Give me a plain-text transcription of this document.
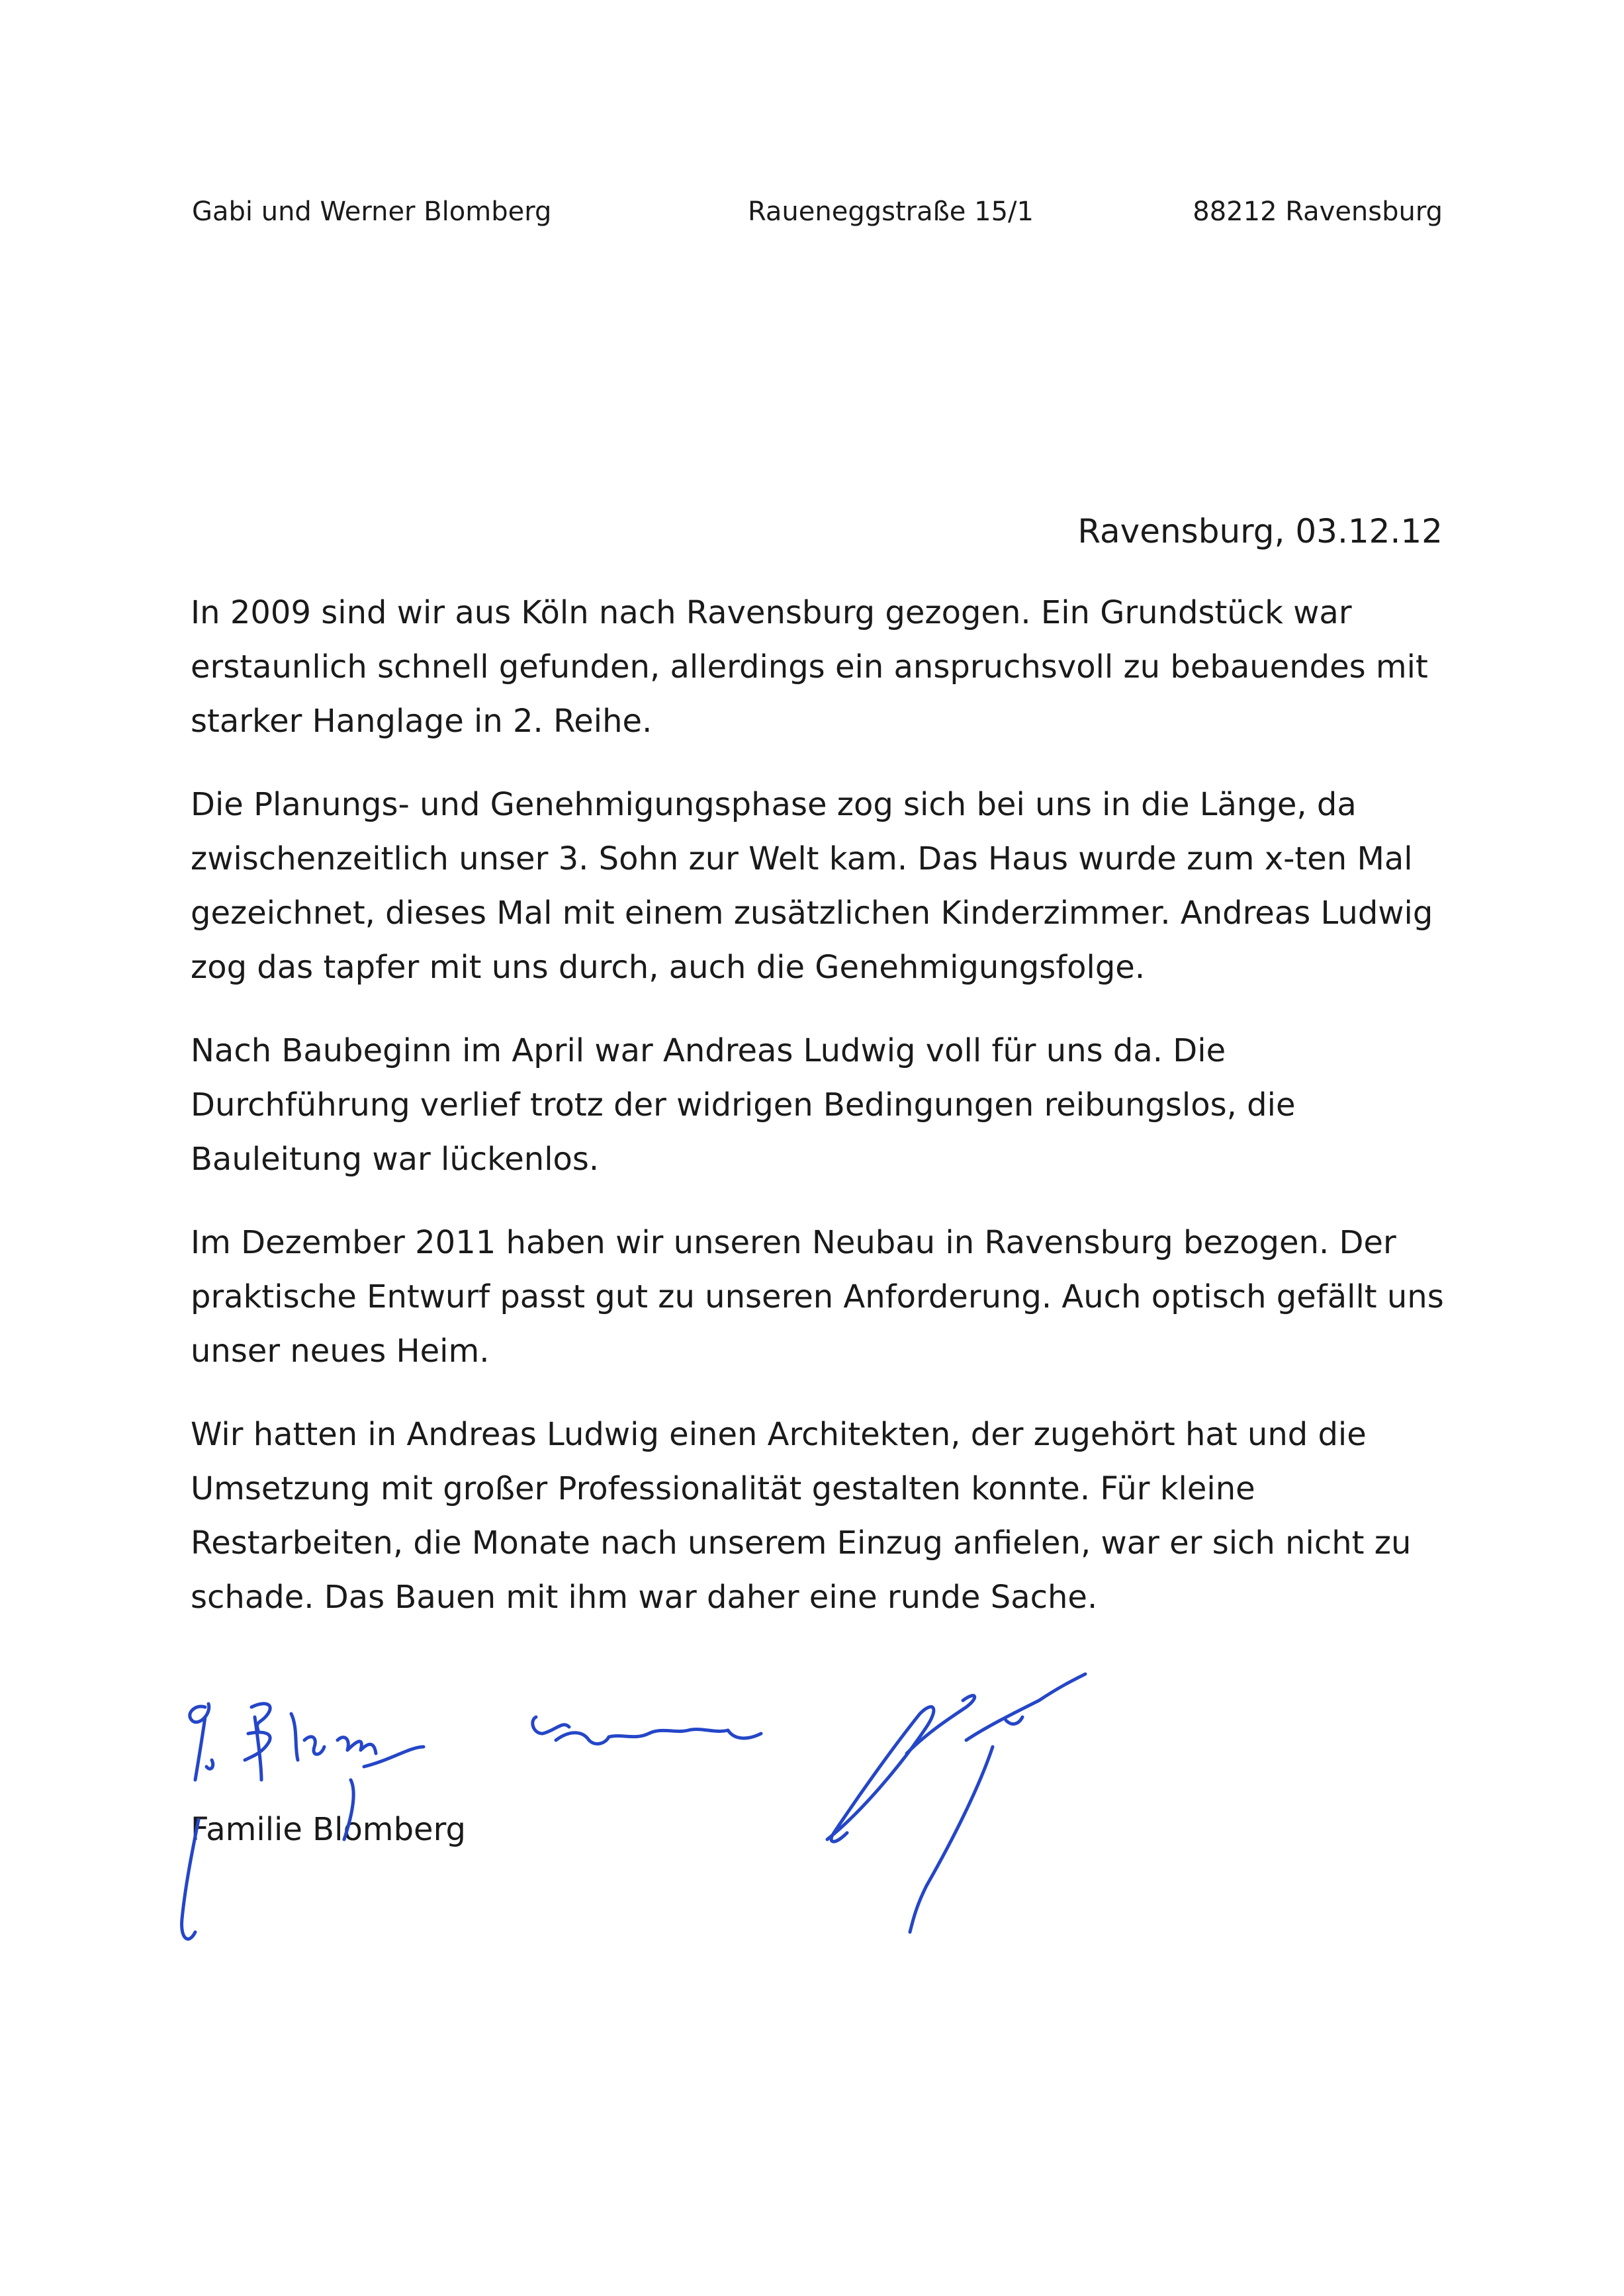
Gabi und Werner Blomberg	Raueneggstraße 15/1	88212 Ravensburg
Ravensburg, 03.12.12

In 2009 sind wir aus Köln nach Ravensburg gezogen. Ein Grundstück war erstaunlich schnell gefunden, allerdings ein anspruchsvoll zu bebauendes mit starker Hanglage in 2. Reihe.

Die Planungs- und Genehmigungsphase zog sich bei uns in die Länge, da zwischenzeitlich unser 3. Sohn zur Welt kam. Das Haus wurde zum x-ten Mal gezeichnet, dieses Mal mit einem zusätzlichen Kinderzimmer. Andreas Ludwig zog das tapfer mit uns durch, auch die Genehmigungsfolge.

Nach Baubeginn im April war Andreas Ludwig voll für uns da. Die Durchführung verlief trotz der widrigen Bedingungen reibungslos, die Bauleitung war lückenlos.

Im Dezember 2011 haben wir unseren Neubau in Ravensburg bezogen. Der praktische Entwurf passt gut zu unseren Anforderung. Auch optisch gefällt uns unser neues Heim.

Wir hatten in Andreas Ludwig einen Architekten, der zugehört hat und die Umsetzung mit großer Professionalität gestalten konnte. Für kleine Restarbeiten, die Monate nach unserem Einzug anfielen, war er sich nicht zu schade. Das Bauen mit ihm war daher eine runde Sache.

Familie Blomberg
